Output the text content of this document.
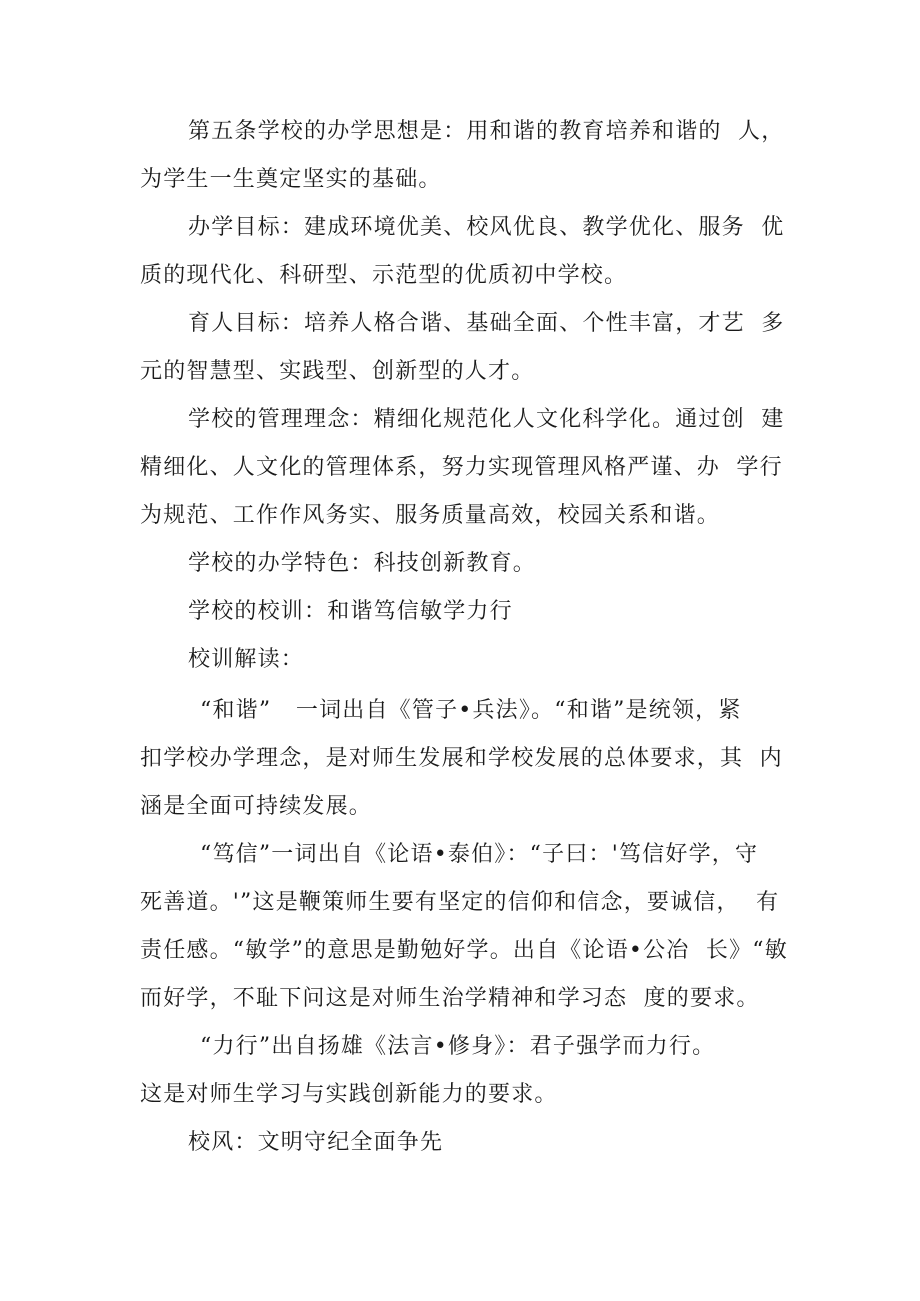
第五条学校的办学思想是：用和谐的教育培养和谐的  人，
为学生一生奠定坚实的基础。
办学目标：建成环境优美、校风优良、教学优化、服务  优
质的现代化、科研型、示范型的优质初中学校。
育人目标：培养人格合谐、基础全面、个性丰富，才艺  多
元的智慧型、实践型、创新型的人才。
学校的管理理念：精细化规范化人文化科学化。通过创  建
精细化、人文化的管理体系，努力实现管理风格严谨、办  学行
为规范、工作作风务实、服务质量高效，校园关系和谐。
学校的办学特色：科技创新教育。
学校的校训：和谐笃信敏学力行
校训解读：
“和谐”   一词出自《管子•兵法》。“和谐”是统领，紧
扣学校办学理念，是对师生发展和学校发展的总体要求，其  内
涵是全面可持续发展。
“笃信”一词出自《论语•泰伯》：“子曰：'笃信好学，守
死善道。'”这是鞭策师生要有坚定的信仰和信念，要诚信，  有
责任感。“敏学”的意思是勤勉好学。出自《论语•公冶  长》“敏
而好学，不耻下问这是对师生治学精神和学习态  度的要求。
“力行”出自扬雄《法言•修身》：君子强学而力行。
这是对师生学习与实践创新能力的要求。
校风：文明守纪全面争先
